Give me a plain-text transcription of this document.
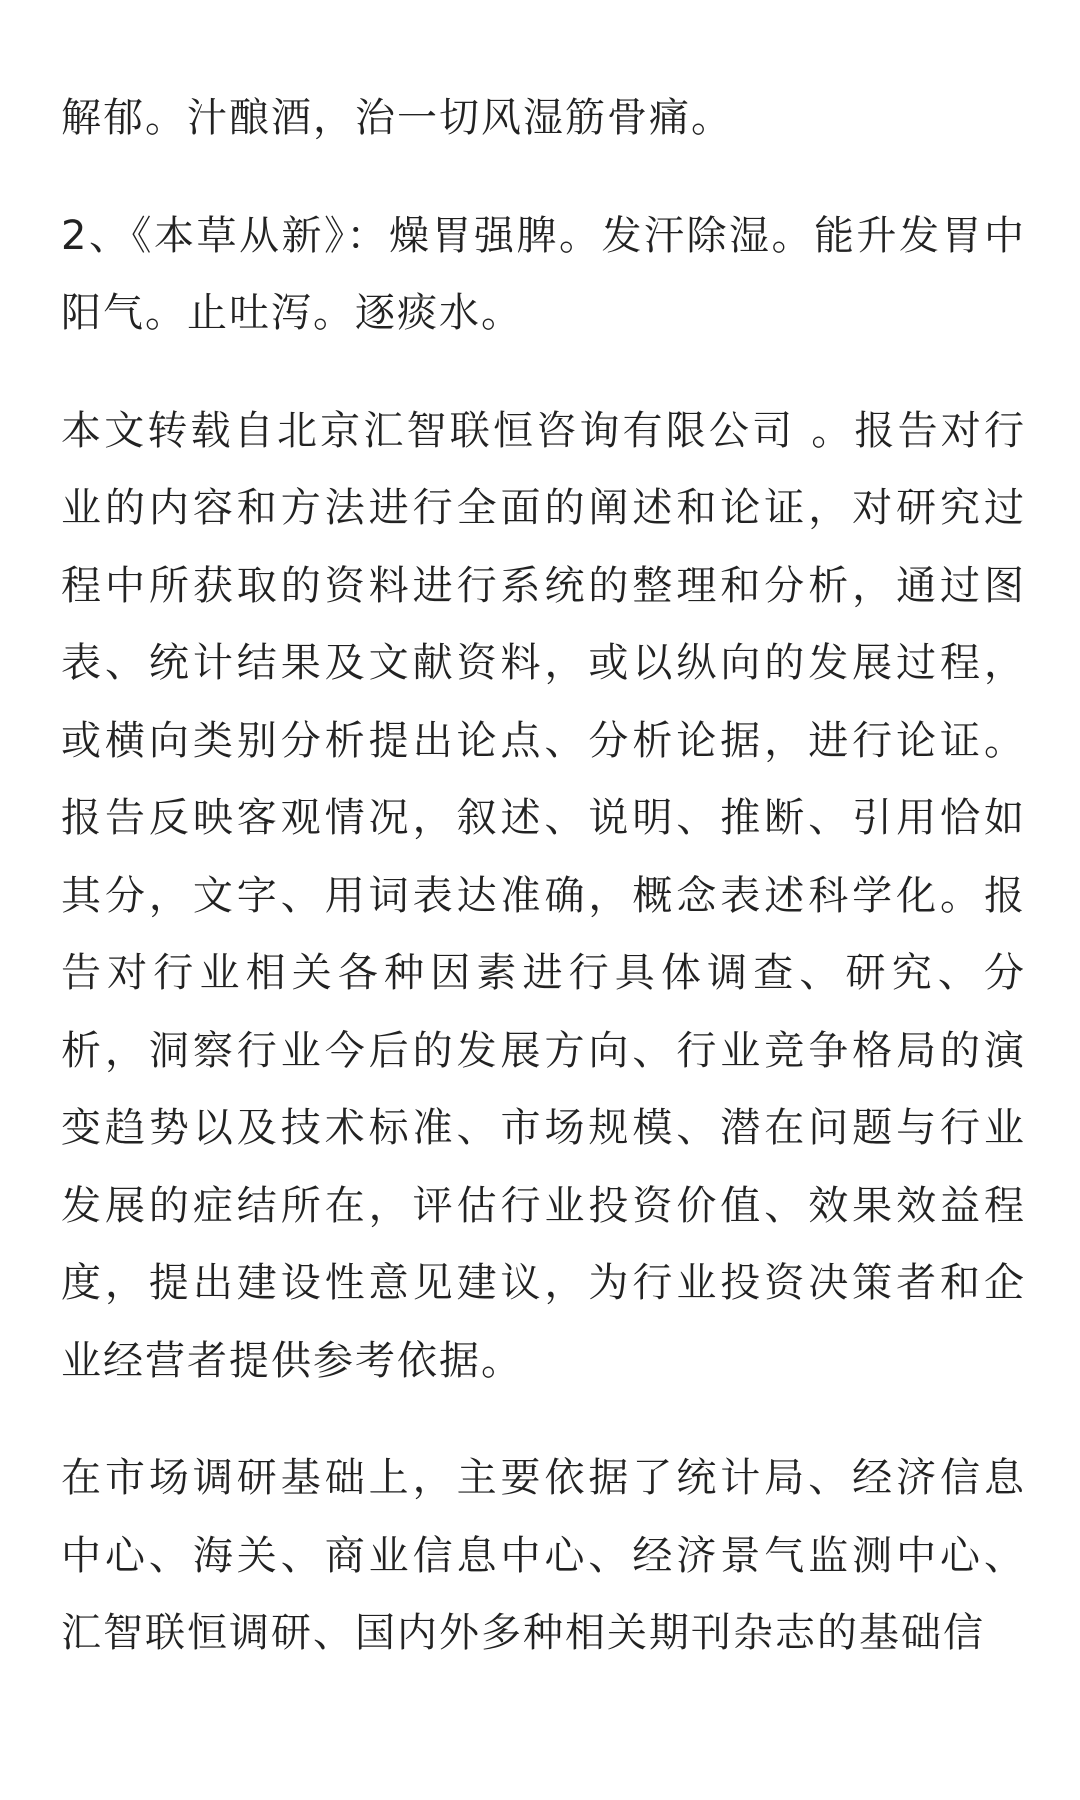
解郁。汁酿酒，治一切风湿筋骨痛。

2、《本草从新》：燥胃强脾。发汗除湿。能升发胃中阳气。止吐泻。逐痰水。

本文转载自北京汇智联恒咨询有限公司 。报告对行业的内容和方法进行全面的阐述和论证，对研究过程中所获取的资料进行系统的整理和分析，通过图表、统计结果及文献资料，或以纵向的发展过程，或横向类别分析提出论点、分析论据，进行论证。报告反映客观情况，叙述、说明、推断、引用恰如其分，文字、用词表达准确，概念表述科学化。报告对行业相关各种因素进行具体调查、研究、分析，洞察行业今后的发展方向、行业竞争格局的演变趋势以及技术标准、市场规模、潜在问题与行业发展的症结所在，评估行业投资价值、效果效益程度，提出建设性意见建议，为行业投资决策者和企业经营者提供参考依据。

在市场调研基础上，主要依据了统计局、经济信息中心、海关、商业信息中心、经济景气监测中心、汇智联恒调研、国内外多种相关期刊杂志的基础信
